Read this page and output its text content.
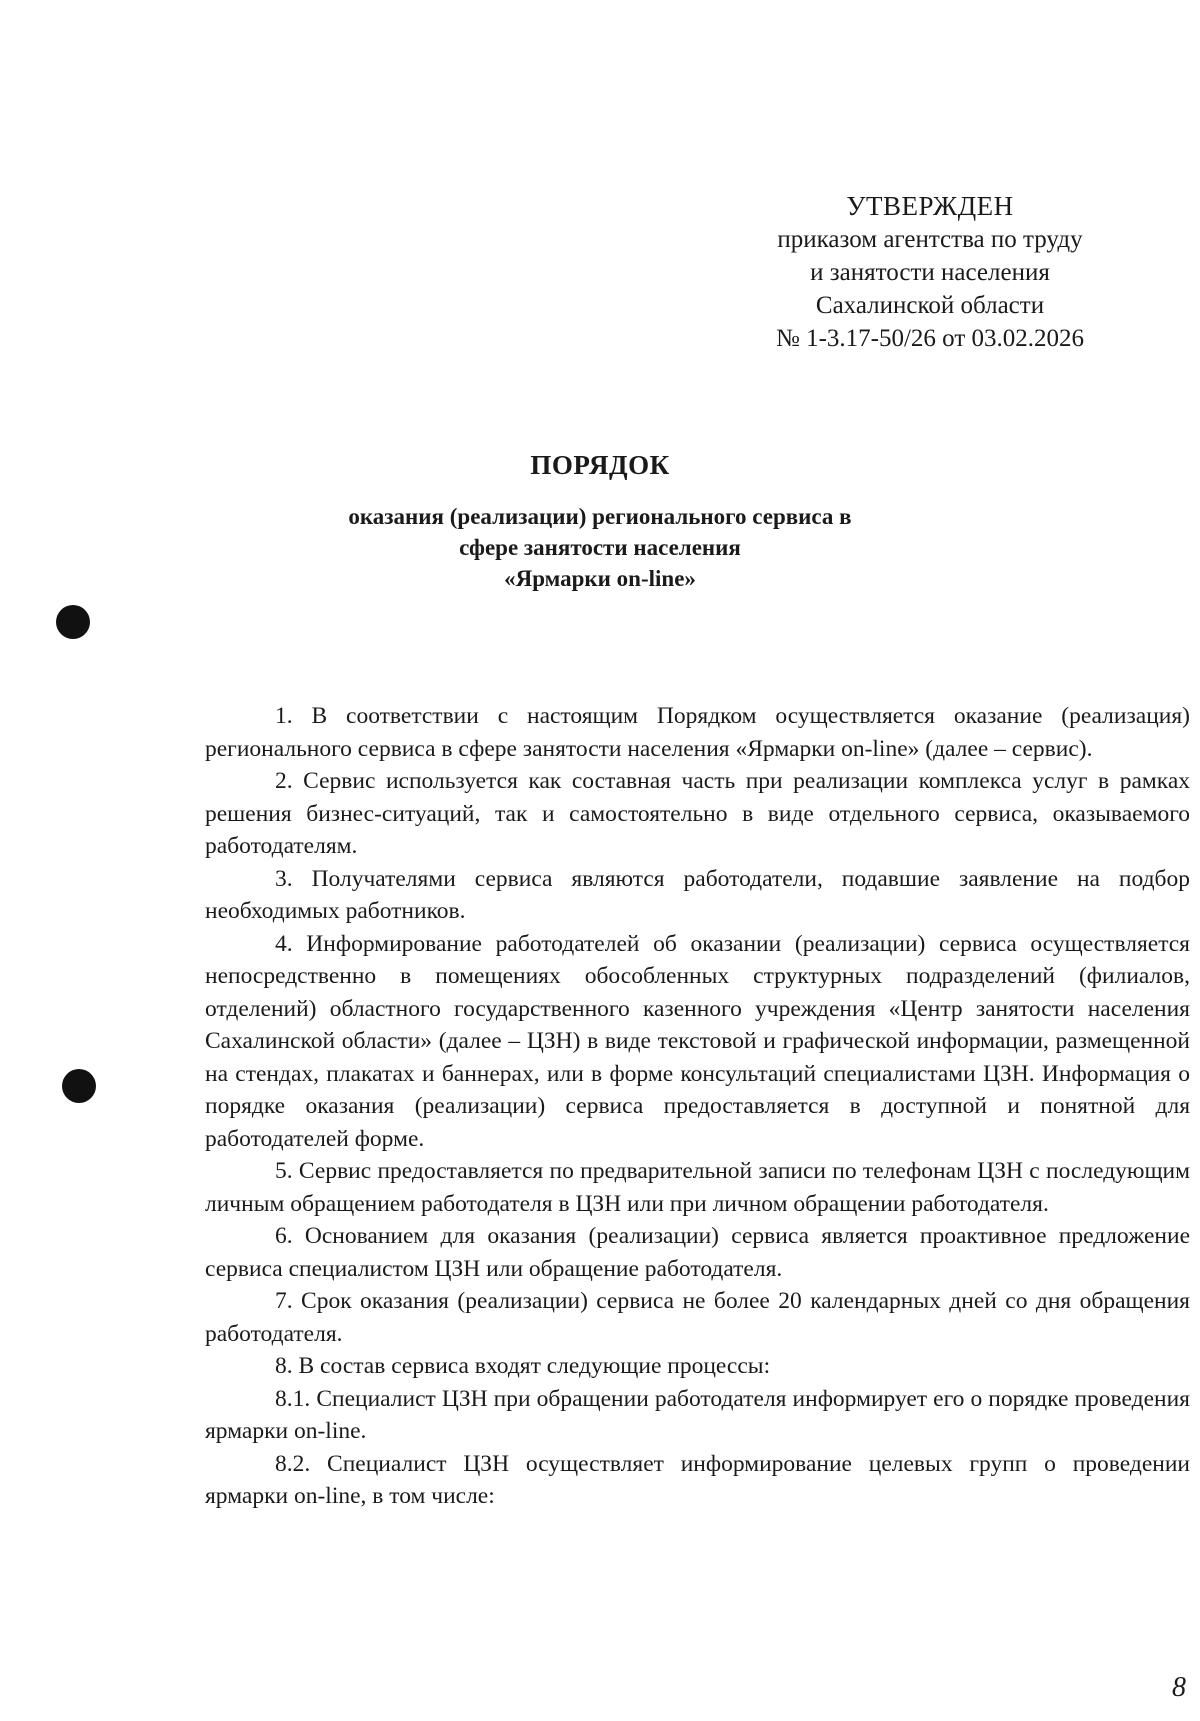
УТВЕРЖДЕН
приказом агентства по труду
и занятости населения
Сахалинской области
№ 1-3.17-50/26 от 03.02.2026
ПОРЯДОК
оказания (реализации) регионального сервиса в
сфере занятости населения
«Ярмарки on-line»

1. В соответствии с настоящим Порядком осуществляется оказание (реализация) регионального сервиса в сфере занятости населения «Ярмарки on-line» (далее – сервис).

2. Сервис используется как составная часть при реализации комплекса услуг в рамках решения бизнес-ситуаций, так и самостоятельно в виде отдельного сервиса, оказываемого работодателям.

3. Получателями сервиса являются работодатели, подавшие заявление на подбор необходимых работников.

4. Информирование работодателей об оказании (реализации) сервиса осуществляется непосредственно в помещениях обособленных структурных подразделений (филиалов, отделений) областного государственного казенного учреждения «Центр занятости населения Сахалинской области» (далее – ЦЗН) в виде текстовой и графической информации, размещенной на стендах, плакатах и баннерах, или в форме консультаций специалистами ЦЗН. Информация о порядке оказания (реализации) сервиса предоставляется в доступной и понятной для работодателей форме.

5. Сервис предоставляется по предварительной записи по телефонам ЦЗН с последующим личным обращением работодателя в ЦЗН или при личном обращении работодателя.

6. Основанием для оказания (реализации) сервиса является проактивное предложение сервиса специалистом ЦЗН или обращение работодателя.

7. Срок оказания (реализации) сервиса не более 20 календарных дней со дня обращения работодателя.

8. В состав сервиса входят следующие процессы:

8.1. Специалист ЦЗН при обращении работодателя информирует его о порядке проведения ярмарки on-line.

8.2. Специалист ЦЗН осуществляет информирование целевых групп о проведении ярмарки on-line, в том числе:

8
